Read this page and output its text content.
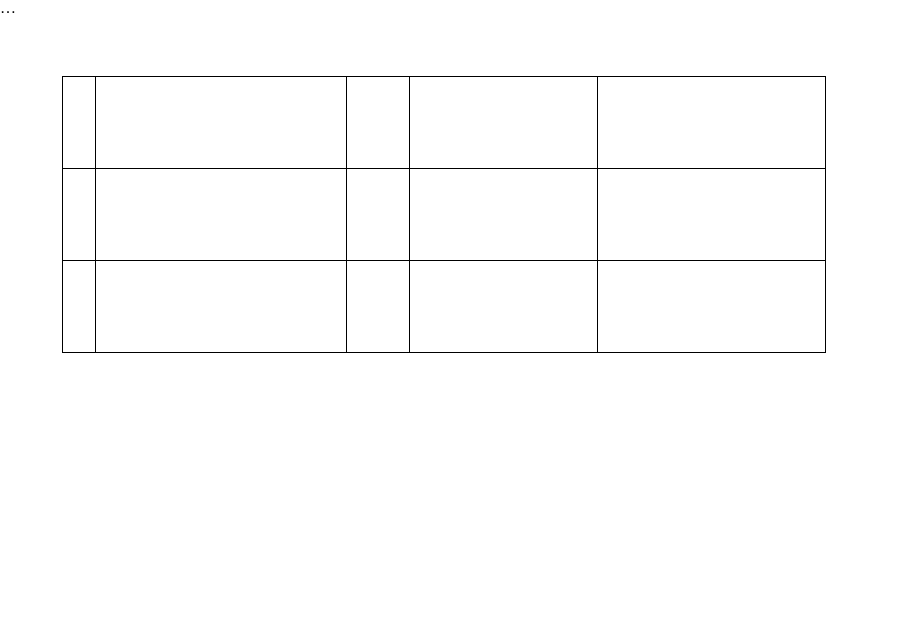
…
